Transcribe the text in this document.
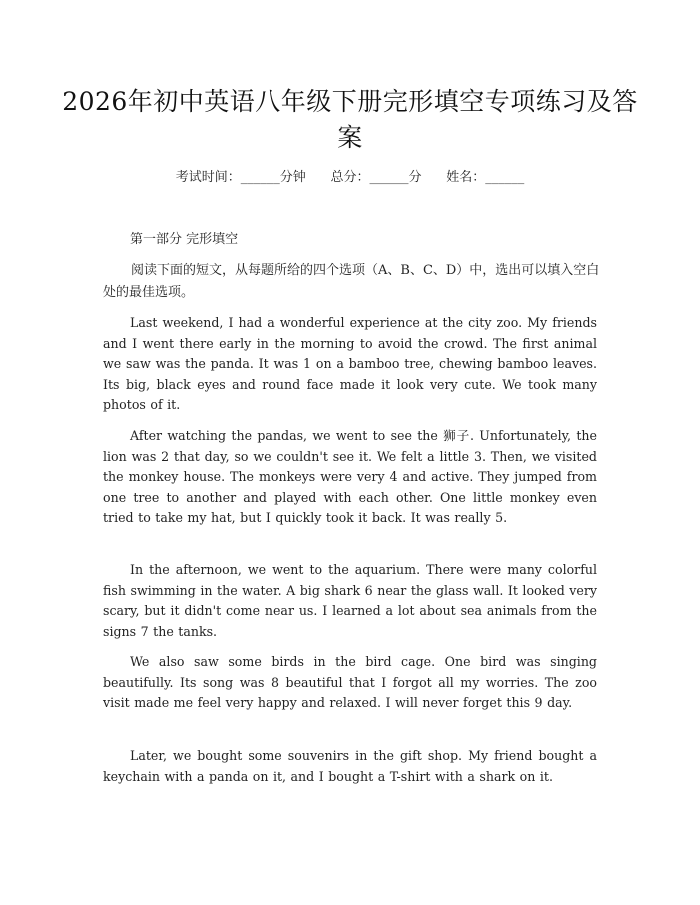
2026年初中英语八年级下册完形填空专项练习及答案
考试时间：______分钟      总分：______分      姓名：______
第一部分 完形填空

阅读下面的短文，从每题所给的四个选项（A、B、C、D）中，选出可以填入空白处的最佳选项。

Last weekend, I had a wonderful experience at the city zoo. My friends and I went there early in the morning to avoid the crowd. The first animal we saw was the panda. It was 1 on a bamboo tree, chewing bamboo leaves. Its big, black eyes and round face made it look very cute. We took many photos of it.

After watching the pandas, we went to see the 狮子. Unfortunately, the lion was 2 that day, so we couldn't see it. We felt a little 3. Then, we visited the monkey house. The monkeys were very 4 and active. They jumped from one tree to another and played with each other. One little monkey even tried to take my hat, but I quickly took it back. It was really 5.

In the afternoon, we went to the aquarium. There were many colorful fish swimming in the water. A big shark 6 near the glass wall. It looked very scary, but it didn't come near us. I learned a lot about sea animals from the signs 7 the tanks.

We also saw some birds in the bird cage. One bird was singing beautifully. Its song was 8 beautiful that I forgot all my worries. The zoo visit made me feel very happy and relaxed. I will never forget this 9 day.

Later, we bought some souvenirs in the gift shop. My friend bought a keychain with a panda on it, and I bought a T-shirt with a shark on it.
